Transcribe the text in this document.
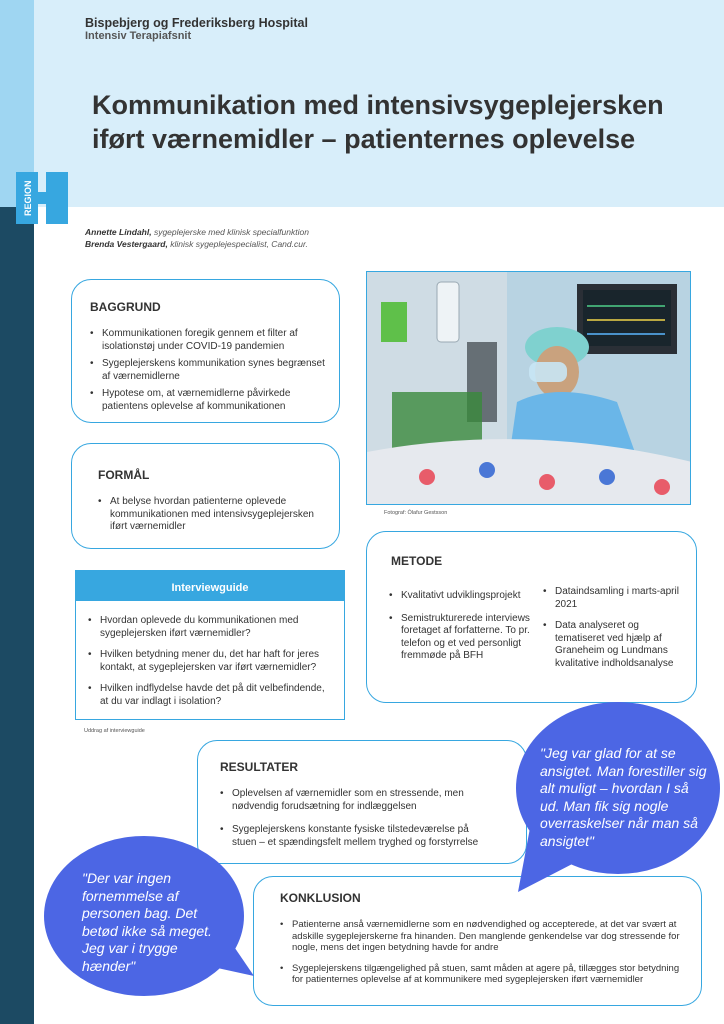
REGION
Bispebjerg og Frederiksberg Hospital
Intensiv Terapiafsnit
Kommunikation med intensivsygeplejersken
iført værnemidler – patienternes oplevelse
Annette Lindahl, sygeplejerske med klinisk specialfunktion
Brenda Vestergaard, klinisk sygeplejespecialist, Cand.cur.
BAGGRUND
• Kommunikationen foregik gennem et filter af isolationstøj under COVID-19 pandemien
• Sygeplejerskens kommunikation synes begrænset af værnemidlerne
• Hypotese om, at værnemidlerne påvirkede patientens oplevelse af kommunikationen
FORMÅL
• At belyse hvordan patienterne oplevede kommunikationen med intensivsygeplejersken iført værnemidler
Fotograf: Ólafur Gestsson
Interviewguide
• Hvordan oplevede du kommunikationen med sygeplejersken iført værnemidler?
• Hvilken betydning mener du, det har haft for jeres kontakt, at sygeplejersken var iført værnemidler?
• Hvilken indflydelse havde det på dit velbefindende, at du var indlagt i isolation?
Uddrag af interviewguide
METODE
• Kvalitativt udviklingsprojekt
• Semistrukturerede interviews foretaget af forfatterne. To pr. telefon og et ved personligt fremmøde på BFH
• Dataindsamling i marts-april 2021
• Data analyseret og tematiseret ved hjælp af Graneheim og Lundmans kvalitative indholdsanalyse
RESULTATER
• Oplevelsen af værnemidler som en stressende, men nødvendig forudsætning for indlæggelsen
• Sygeplejerskens konstante fysiske tilstedeværelse på stuen – et spændingsfelt mellem tryghed og forstyrrelse
KONKLUSION
• Patienterne anså værnemidlerne som en nødvendighed og accepterede, at det var svært at adskille sygeplejerskerne fra hinanden. Den manglende genkendelse var dog stressende for nogle, mens det ingen betydning havde for andre
• Sygeplejerskens tilgængelighed på stuen, samt måden at agere på, tillægges stor betydning for patienternes oplevelse af at kommunikere med sygeplejersken iført værnemidler
"Jeg var glad for at se ansigtet. Man forestiller sig alt muligt – hvordan I så ud. Man fik sig nogle overraskelser når man så ansigtet"
"Der var ingen fornemmelse af personen bag. Det betød ikke så meget. Jeg var i trygge hænder"
